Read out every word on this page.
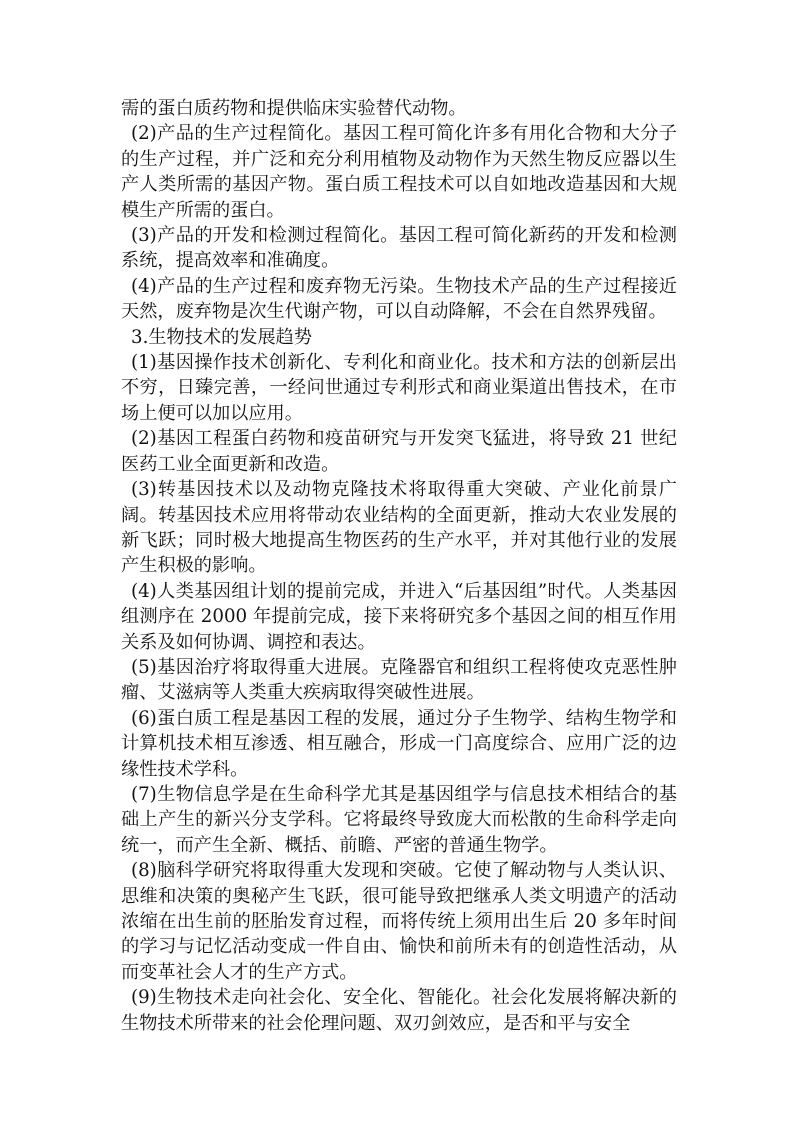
需的蛋白质药物和提供临床实验替代动物。

(2)产品的生产过程简化。基因工程可简化许多有用化合物和大分子的生产过程，并广泛和充分利用植物及动物作为天然生物反应器以生产人类所需的基因产物。蛋白质工程技术可以自如地改造基因和大规模生产所需的蛋白。

(3)产品的开发和检测过程简化。基因工程可简化新药的开发和检测系统，提高效率和准确度。

(4)产品的生产过程和废弃物无污染。生物技术产品的生产过程接近天然，废弃物是次生代谢产物，可以自动降解，不会在自然界残留。

3.生物技术的发展趋势

(1)基因操作技术创新化、专利化和商业化。技术和方法的创新层出不穷，日臻完善，一经问世通过专利形式和商业渠道出售技术，在市场上便可以加以应用。

(2)基因工程蛋白药物和疫苗研究与开发突飞猛进，将导致 21 世纪医药工业全面更新和改造。

(3)转基因技术以及动物克隆技术将取得重大突破、产业化前景广阔。转基因技术应用将带动农业结构的全面更新，推动大农业发展的新飞跃；同时极大地提高生物医药的生产水平，并对其他行业的发展产生积极的影响。

(4)人类基因组计划的提前完成，并进入“后基因组”时代。人类基因组测序在 2000 年提前完成，接下来将研究多个基因之间的相互作用关系及如何协调、调控和表达。

(5)基因治疗将取得重大进展。克隆器官和组织工程将使攻克恶性肿瘤、艾滋病等人类重大疾病取得突破性进展。

(6)蛋白质工程是基因工程的发展，通过分子生物学、结构生物学和计算机技术相互渗透、相互融合，形成一门高度综合、应用广泛的边缘性技术学科。

(7)生物信息学是在生命科学尤其是基因组学与信息技术相结合的基础上产生的新兴分支学科。它将最终导致庞大而松散的生命科学走向统一，而产生全新、概括、前瞻、严密的普通生物学。

(8)脑科学研究将取得重大发现和突破。它使了解动物与人类认识、思维和决策的奥秘产生飞跃，很可能导致把继承人类文明遗产的活动浓缩在出生前的胚胎发育过程，而将传统上须用出生后 20 多年时间的学习与记忆活动变成一件自由、愉快和前所未有的创造性活动，从而变革社会人才的生产方式。

(9)生物技术走向社会化、安全化、智能化。社会化发展将解决新的生物技术所带来的社会伦理问题、双刃剑效应，是否和平与安全
